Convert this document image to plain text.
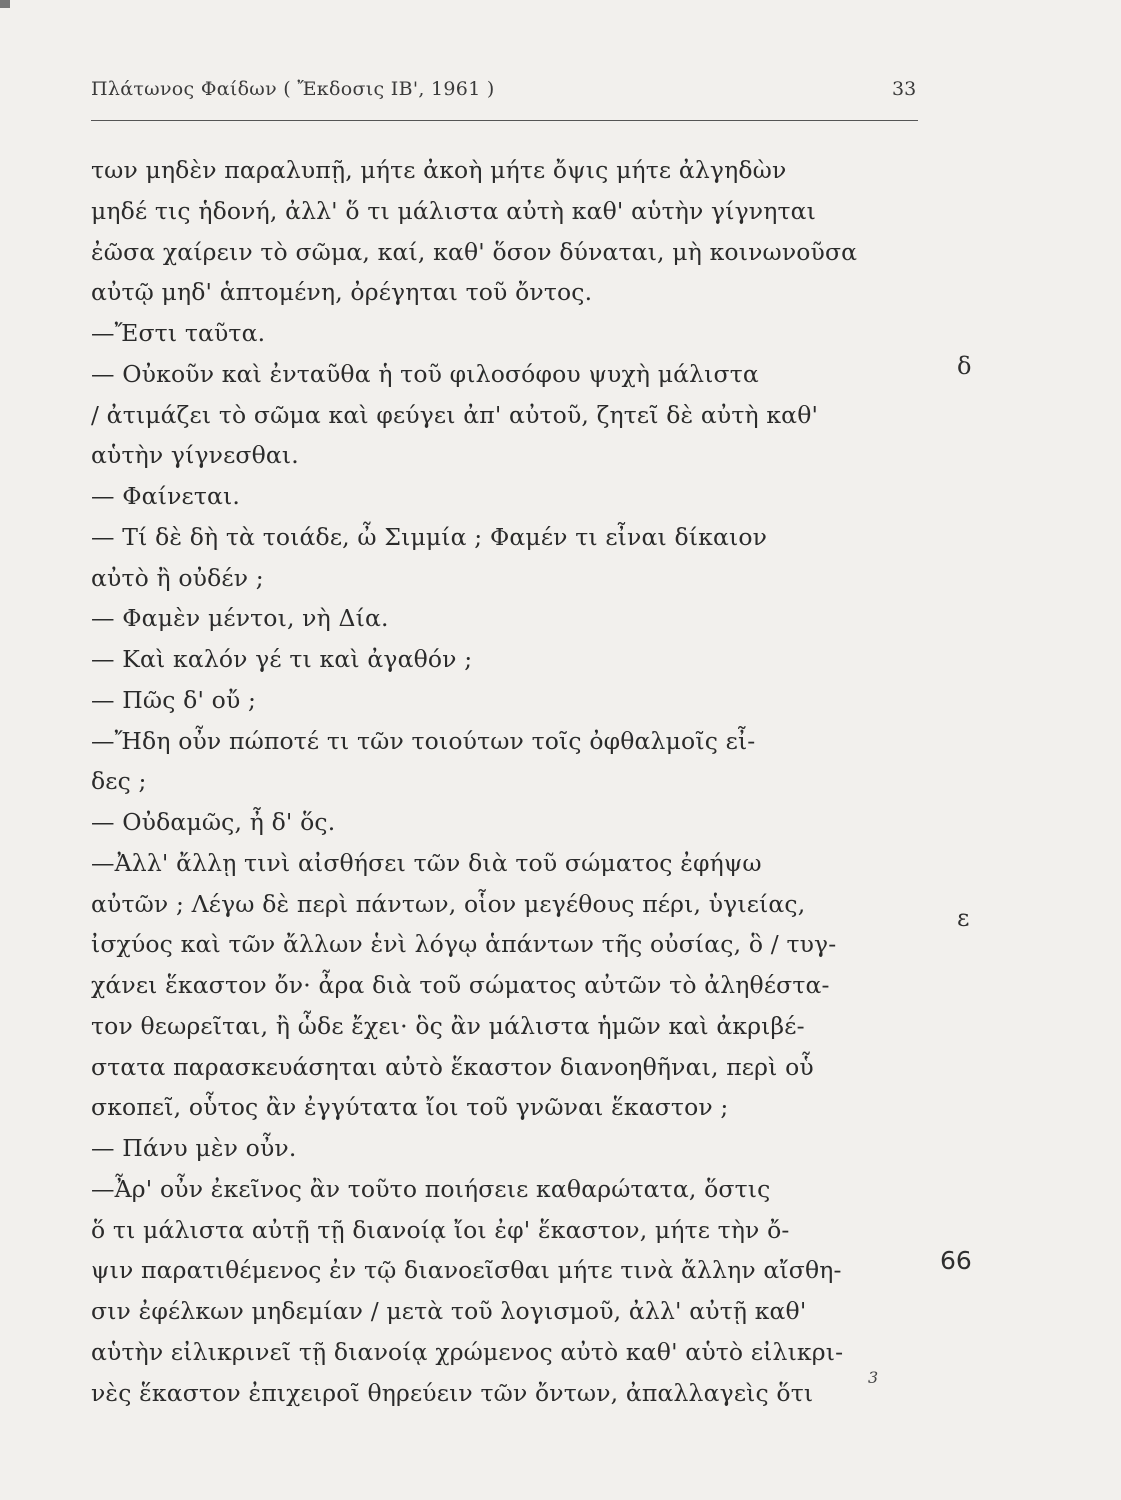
Πλάτωνος Φαίδων ( Ἔκδοσις ΙΒ', 1961 )	33
των μηδὲν παραλυπῇ, μήτε ἀκοὴ μήτε ὄψις μήτε ἀλγηδὼν
μηδέ τις ἡδονή, ἀλλ' ὅ τι μάλιστα αὐτὴ καθ' αὑτὴν γίγνηται
ἐῶσα χαίρειν τὸ σῶμα, καί, καθ' ὅσον δύναται, μὴ κοινωνοῦσα
αὐτῷ μηδ' ἁπτομένη, ὀρέγηται τοῦ ὄντος.
—Ἔστι ταῦτα.
— Οὐκοῦν καὶ ἐνταῦθα ἡ τοῦ φιλοσόφου ψυχὴ μάλιστα
/ ἀτιμάζει τὸ σῶμα καὶ φεύγει ἀπ' αὐτοῦ, ζητεῖ δὲ αὐτὴ καθ'
αὑτὴν γίγνεσθαι.
— Φαίνεται.
— Τί δὲ δὴ τὰ τοιάδε, ὦ Σιμμία ; Φαμέν τι εἶναι δίκαιον
αὐτὸ ἢ οὐδέν ;
— Φαμὲν μέντοι, νὴ Δία.
— Καὶ καλόν γέ τι καὶ ἀγαθόν ;
— Πῶς δ' οὔ ;
—Ἤδη οὖν πώποτέ τι τῶν τοιούτων τοῖς ὀφθαλμοῖς εἶ-
δες ;
— Οὐδαμῶς, ἦ δ' ὅς.
—Ἀλλ' ἄλλῃ τινὶ αἰσθήσει τῶν διὰ τοῦ σώματος ἐφήψω
αὐτῶν ; Λέγω δὲ περὶ πάντων, οἷον μεγέθους πέρι, ὑγιείας,
ἰσχύος καὶ τῶν ἄλλων ἑνὶ λόγῳ ἁπάντων τῆς οὐσίας, ὃ / τυγ-
χάνει ἕκαστον ὄν· ἆρα διὰ τοῦ σώματος αὐτῶν τὸ ἀληθέστα-
τον θεωρεῖται, ἢ ὧδε ἔχει· ὃς ἂν μάλιστα ἡμῶν καὶ ἀκριβέ-
στατα παρασκευάσηται αὐτὸ ἕκαστον διανοηθῆναι, περὶ οὗ
σκοπεῖ, οὗτος ἂν ἐγγύτατα ἴοι τοῦ γνῶναι ἕκαστον ;
— Πάνυ μὲν οὖν.
—Ἆρ' οὖν ἐκεῖνος ἂν τοῦτο ποιήσειε καθαρώτατα, ὅστις
ὅ τι μάλιστα αὐτῇ τῇ διανοίᾳ ἴοι ἐφ' ἕκαστον, μήτε τὴν ὄ-
ψιν παρατιθέμενος ἐν τῷ διανοεῖσθαι μήτε τινὰ ἄλλην αἴσθη-
σιν ἐφέλκων μηδεμίαν / μετὰ τοῦ λογισμοῦ, ἀλλ' αὐτῇ καθ'
αὑτὴν εἰλικρινεῖ τῇ διανοίᾳ χρώμενος αὐτὸ καθ' αὑτὸ εἰλικρι-
νὲς ἕκαστον ἐπιχειροῖ θηρεύειν τῶν ὄντων, ἀπαλλαγεὶς ὅτι
δ
ε
66
3
